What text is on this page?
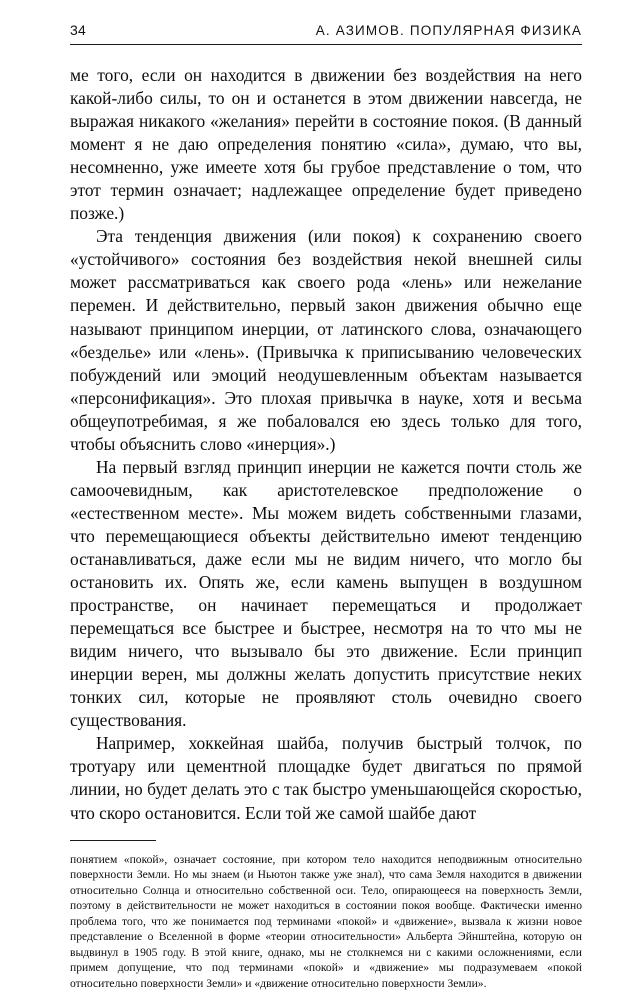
34	А. АЗИМОВ. ПОПУЛЯРНАЯ ФИЗИКА

ме того, если он находится в движении без воздействия на него какой-либо силы, то он и останется в этом движении навсегда, не выражая никакого «желания» перейти в состояние покоя. (В данный момент я не даю определения понятию «сила», думаю, что вы, несомненно, уже имеете хотя бы грубое представление о том, что этот термин означает; надлежащее определение будет приведено позже.)

Эта тенденция движения (или покоя) к сохранению своего «устойчивого» состояния без воздействия некой внешней силы может рассматриваться как своего рода «лень» или нежелание перемен. И действительно, первый закон движения обычно еще называют принципом инерции, от латинского слова, означающего «безделье» или «лень». (Привычка к приписыванию человеческих побуждений или эмоций неодушевленным объектам называется «персонификация». Это плохая привычка в науке, хотя и весьма общеупотребимая, я же побаловался ею здесь только для того, чтобы объяснить слово «инерция».)

На первый взгляд принцип инерции не кажется почти столь же самоочевидным, как аристотелевское предположение о «естественном месте». Мы можем видеть собственными глазами, что перемещающиеся объекты действительно имеют тенденцию останавливаться, даже если мы не видим ничего, что могло бы остановить их. Опять же, если камень выпущен в воздушном пространстве, он начинает перемещаться и продолжает перемещаться все быстрее и быстрее, несмотря на то что мы не видим ничего, что вызывало бы это движение. Если принцип инерции верен, мы должны желать допустить присутствие неких тонких сил, которые не проявляют столь очевидно своего существования.

Например, хоккейная шайба, получив быстрый толчок, по тротуару или цементной площадке будет двигаться по прямой линии, но будет делать это с так быстро уменьшающейся скоростью, что скоро остановится. Если той же самой шайбе дают

понятием «покой», означает состояние, при котором тело находится неподвижным относительно поверхности Земли. Но мы знаем (и Ньютон также уже знал), что сама Земля находится в движении относительно Солнца и относительно собственной оси. Тело, опирающееся на поверхность Земли, поэтому в действительности не может находиться в состоянии покоя вообще. Фактически именно проблема того, что же понимается под терминами «покой» и «движение», вызвала к жизни новое представление о Вселенной в форме «теории относительности» Альберта Эйнштейна, которую он выдвинул в 1905 году. В этой книге, однако, мы не столкнемся ни с какими осложнениями, если примем допущение, что под терминами «покой» и «движение» мы подразумеваем «покой относительно поверхности Земли» и «движение относительно поверхности Земли».
